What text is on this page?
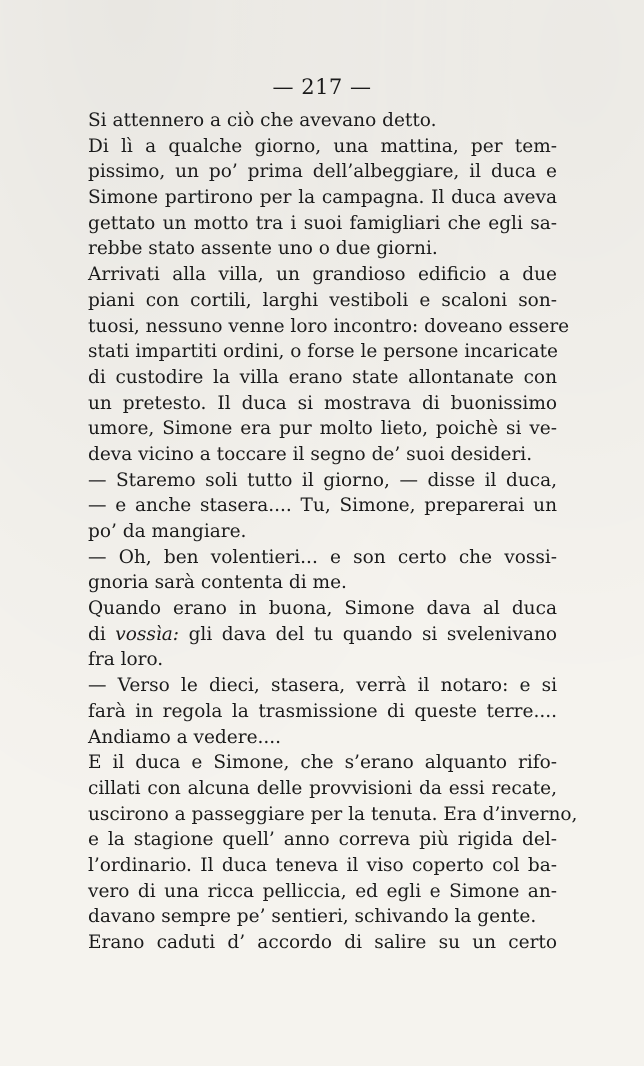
— 217 —
Si attennero a ciò che avevano detto.
Di lì a qualche giorno, una mattina, per tem-
pissimo, un po’ prima dell’albeggiare, il duca e
Simone partirono per la campagna. Il duca aveva
gettato un motto tra i suoi famigliari che egli sa-
rebbe stato assente uno o due giorni.
Arrivati alla villa, un grandioso edificio a due
piani con cortili, larghi vestiboli e scaloni son-
tuosi, nessuno venne loro incontro: doveano essere
stati impartiti ordini, o forse le persone incaricate
di custodire la villa erano state allontanate con
un pretesto. Il duca si mostrava di buonissimo
umore, Simone era pur molto lieto, poichè si ve-
deva vicino a toccare il segno de’ suoi desideri.
— Staremo soli tutto il giorno, — disse il duca,
— e anche stasera.... Tu, Simone, preparerai un
po’ da mangiare.
— Oh, ben volentieri... e son certo che vossi-
gnoria sarà contenta di me.
Quando erano in buona, Simone dava al duca
di vossìa: gli dava del tu quando si svelenivano
fra loro.
— Verso le dieci, stasera, verrà il notaro: e si
farà in regola la trasmissione di queste terre....
Andiamo a vedere....
E il duca e Simone, che s’erano alquanto rifo-
cillati con alcuna delle provvisioni da essi recate,
uscirono a passeggiare per la tenuta. Era d’inverno,
e la stagione quell’ anno correva più rigida del-
l’ordinario. Il duca teneva il viso coperto col ba-
vero di una ricca pelliccia, ed egli e Simone an-
davano sempre pe’ sentieri, schivando la gente.
Erano caduti d’ accordo di salire su un certo
